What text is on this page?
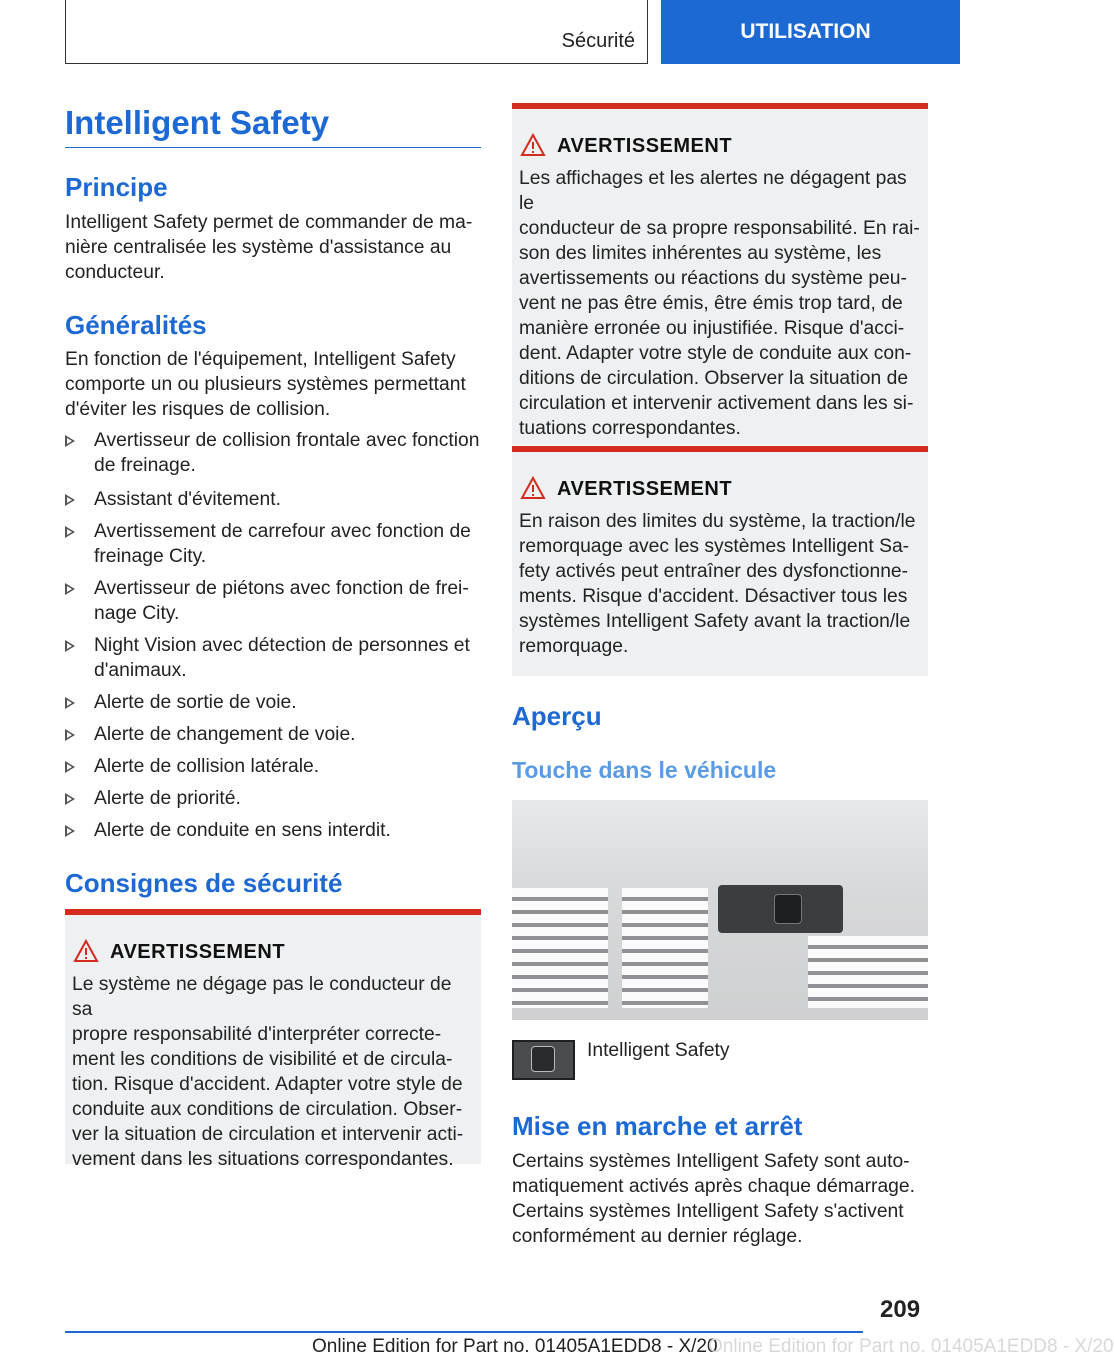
Sécurité	UTILISATION
Intelligent Safety
Principe
Intelligent Safety permet de commander de ma-
nière centralisée les système d'assistance au
conducteur.
Généralités
En fonction de l'équipement, Intelligent Safety
comporte un ou plusieurs systèmes permettant
d'éviter les risques de collision.
Avertisseur de collision frontale avec fonction
de freinage.
Assistant d'évitement.
Avertissement de carrefour avec fonction de
freinage City.
Avertisseur de piétons avec fonction de frei-
nage City.
Night Vision avec détection de personnes et
d'animaux.
Alerte de sortie de voie.
Alerte de changement de voie.
Alerte de collision latérale.
Alerte de priorité.
Alerte de conduite en sens interdit.
Consignes de sécurité
AVERTISSEMENT
Le système ne dégage pas le conducteur de sa
propre responsabilité d'interpréter correcte-
ment les conditions de visibilité et de circula-
tion. Risque d'accident. Adapter votre style de
conduite aux conditions de circulation. Obser-
ver la situation de circulation et intervenir acti-
vement dans les situations correspondantes.
AVERTISSEMENT
Les affichages et les alertes ne dégagent pas le
conducteur de sa propre responsabilité. En rai-
son des limites inhérentes au système, les
avertissements ou réactions du système peu-
vent ne pas être émis, être émis trop tard, de
manière erronée ou injustifiée. Risque d'acci-
dent. Adapter votre style de conduite aux con-
ditions de circulation. Observer la situation de
circulation et intervenir activement dans les si-
tuations correspondantes.
AVERTISSEMENT
En raison des limites du système, la traction/le
remorquage avec les systèmes Intelligent Sa-
fety activés peut entraîner des dysfonctionne-
ments. Risque d'accident. Désactiver tous les
systèmes Intelligent Safety avant la traction/le
remorquage.
Aperçu
Touche dans le véhicule
Intelligent Safety
Mise en marche et arrêt
Certains systèmes Intelligent Safety sont auto-
matiquement activés après chaque démarrage.
Certains systèmes Intelligent Safety s'activent
conformément au dernier réglage.
209
Online Edition for Part no. 01405A1EDD8 - X/20
Online Edition for Part no. 01405A1EDD8 - X/20
